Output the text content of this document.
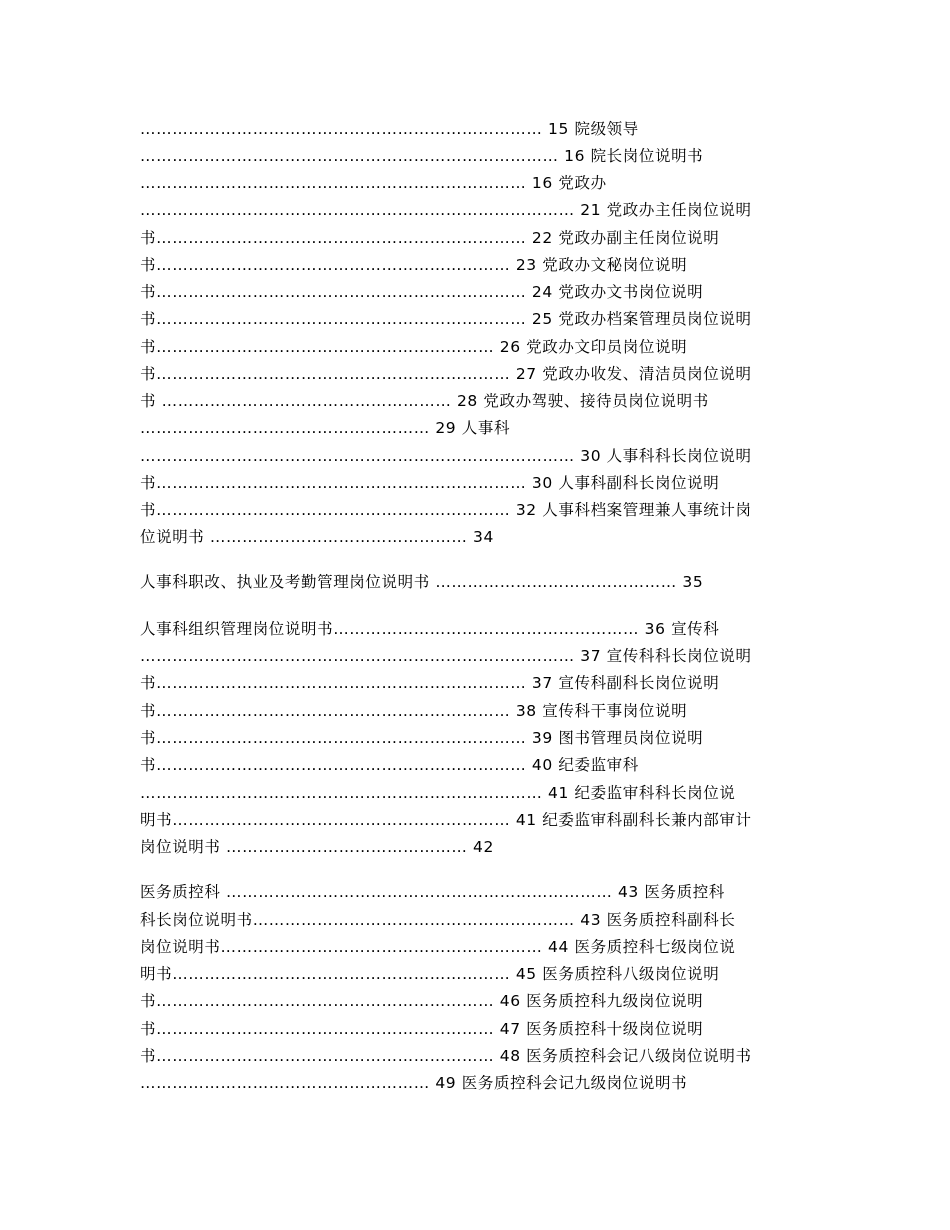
………………………………………………………………… 15 院级领导
…………………………………………………………………… 16 院长岗位说明书
……………………………………………………………… 16 党政办
……………………………………………………………………… 21 党政办主任岗位说明
书…………………………………………………………… 22 党政办副主任岗位说明
书………………………………………………………… 23 党政办文秘岗位说明
书…………………………………………………………… 24 党政办文书岗位说明
书…………………………………………………………… 25 党政办档案管理员岗位说明
书……………………………………………………… 26 党政办文印员岗位说明
书………………………………………………………… 27 党政办收发、清洁员岗位说明
书 ……………………………………………… 28 党政办驾驶、接待员岗位说明书
……………………………………………… 29 人事科
……………………………………………………………………… 30 人事科科长岗位说明
书…………………………………………………………… 30 人事科副科长岗位说明
书………………………………………………………… 32 人事科档案管理兼人事统计岗
位说明书 ………………………………………… 34
人事科职改、执业及考勤管理岗位说明书 ……………………………………… 35
人事科组织管理岗位说明书………………………………………………… 36 宣传科
……………………………………………………………………… 37 宣传科科长岗位说明
书…………………………………………………………… 37 宣传科副科长岗位说明
书………………………………………………………… 38 宣传科干事岗位说明
书…………………………………………………………… 39 图书管理员岗位说明
书…………………………………………………………… 40 纪委监审科
………………………………………………………………… 41 纪委监审科科长岗位说
明书……………………………………………………… 41 纪委监审科副科长兼内部审计
岗位说明书 ……………………………………… 42
医务质控科 ……………………………………………………………… 43 医务质控科
科长岗位说明书…………………………………………………… 43 医务质控科副科长
岗位说明书…………………………………………………… 44 医务质控科七级岗位说
明书……………………………………………………… 45 医务质控科八级岗位说明
书……………………………………………………… 46 医务质控科九级岗位说明
书……………………………………………………… 47 医务质控科十级岗位说明
书……………………………………………………… 48 医务质控科会记八级岗位说明书
……………………………………………… 49 医务质控科会记九级岗位说明书
